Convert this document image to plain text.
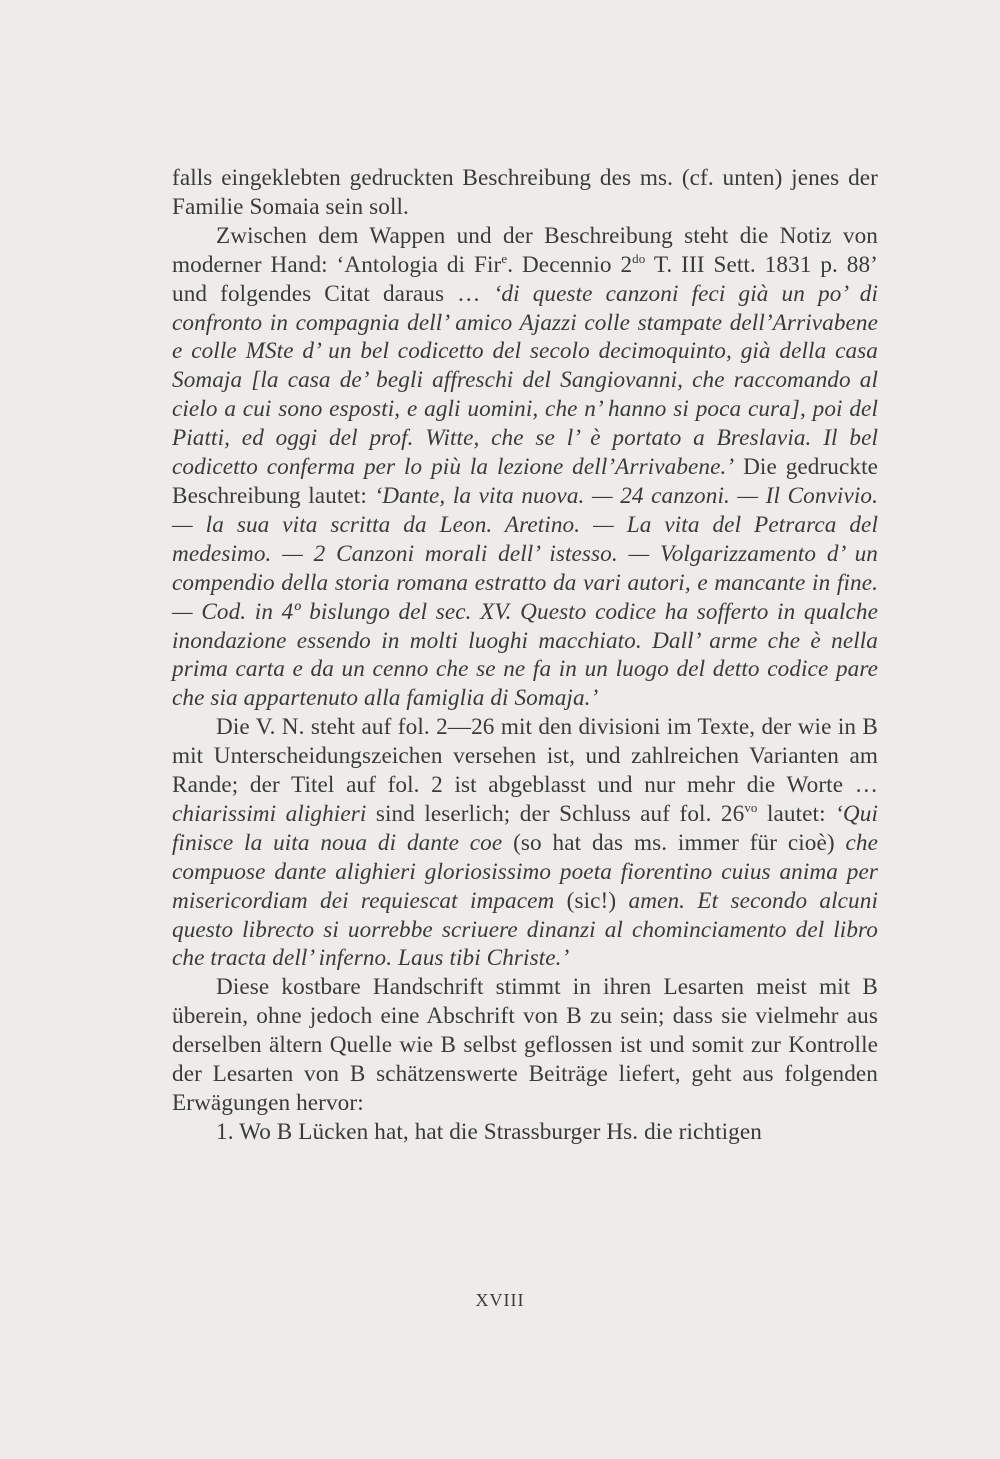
falls eingeklebten gedruckten Beschreibung des ms. (cf. unten) jenes der Familie Somaia sein soll.

Zwischen dem Wappen und der Beschreibung steht die Notiz von moderner Hand: ‘Antologia di Fir$^e$. Decennio $2^{do}$ T. III Sett. 1831 p. 88’ und folgendes Citat daraus … ‘di queste canzoni feci già un po’ di confronto in compagnia dell’ amico Ajazzi colle stampate dell’Arrivabene e colle MSte d’ un bel codicetto del secolo decimoquinto, già della casa Somaja [la casa de’ begli affreschi del Sangiovanni, che raccomando al cielo a cui sono esposti, e agli uomini, che n’ hanno si poca cura], poi del Piatti, ed oggi del prof. Witte, che se l’ è portato a Breslavia. Il bel codicetto conferma per lo più la lezione dell’Arrivabene.’ Die gedruckte Beschreibung lautet: ‘Dante, la vita nuova. — 24 canzoni. — Il Convivio. — la sua vita scritta da Leon. Aretino. — La vita del Petrarca del medesimo. — 2 Canzoni morali dell’ istesso. — Volgarizzamento d’ un compendio della storia romana estratto da vari autori, e mancante in fine. — Cod. in 4º bislungo del sec. XV. Questo codice ha sofferto in qualche inondazione essendo in molti luoghi macchiato. Dall’ arme che è nella prima carta e da un cenno che se ne fa in un luogo del detto codice pare che sia appartenuto alla famiglia di Somaja.’

Die V. N. steht auf fol. 2—26 mit den divisioni im Texte, der wie in B mit Unterscheidungszeichen versehen ist, und zahlreichen Varianten am Rande; der Titel auf fol. 2 ist abgeblasst und nur mehr die Worte … chiarissimi alighieri sind leserlich; der Schluss auf fol. $26^{vo}$ lautet: ‘Qui finisce la uita noua di dante coe (so hat das ms. immer für cioè) che compuose dante alighieri gloriosissimo poeta fiorentino cuius anima per misericordiam dei requiescat impacem (sic!) amen. Et secondo alcuni questo librecto si uorrebbe scriuere dinanzi al chominciamento del libro che tracta dell’ inferno. Laus tibi Christe.’

Diese kostbare Handschrift stimmt in ihren Lesarten meist mit B überein, ohne jedoch eine Abschrift von B zu sein; dass sie vielmehr aus derselben ältern Quelle wie B selbst geflossen ist und somit zur Kontrolle der Lesarten von B schätzenswerte Beiträge liefert, geht aus folgenden Erwägungen hervor:

1. Wo B Lücken hat, hat die Strassburger Hs. die richtigen

XVIII
